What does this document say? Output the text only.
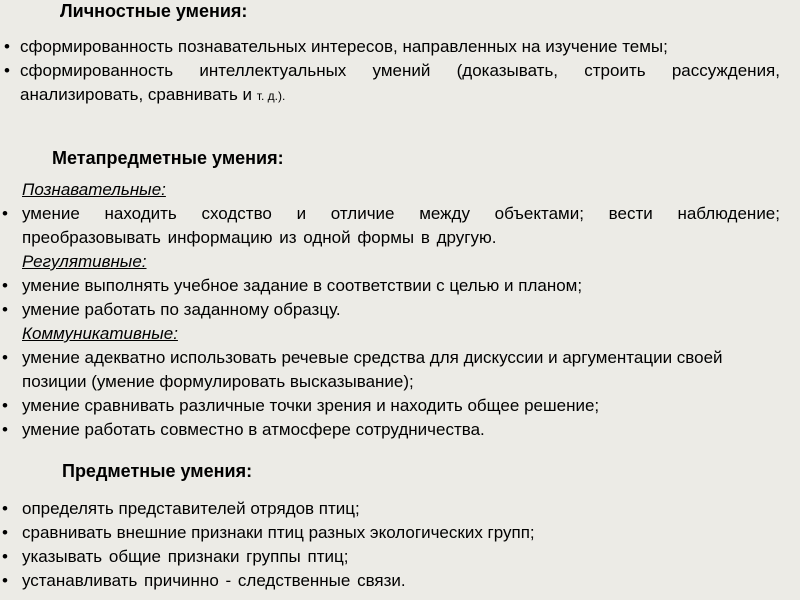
Личностные умения:

• сформированность познавательных интересов, направленных на изучение темы;

• сформированность интеллектуальных умений (доказывать, строить рассуждения, анализировать, сравнивать и т. д.).

Метапредметные умения:

Познавательные:

• умение находить сходство и отличие между объектами; вести наблюдение; преобразовывать информацию из одной формы в другую.

Регулятивные:

• умение выполнять учебное задание в соответствии с целью и планом;

• умение работать по заданному образцу.

Коммуникативные:

• умение адекватно использовать речевые средства для дискуссии и аргументации своей позиции (умение формулировать высказывание);

• умение сравнивать различные точки зрения и находить общее решение;

• умение работать совместно в атмосфере сотрудничества.

Предметные умения:

• определять представителей отрядов птиц;

• сравнивать внешние признаки птиц разных экологических групп;

• указывать общие признаки группы птиц;

• устанавливать причинно - следственные связи.
